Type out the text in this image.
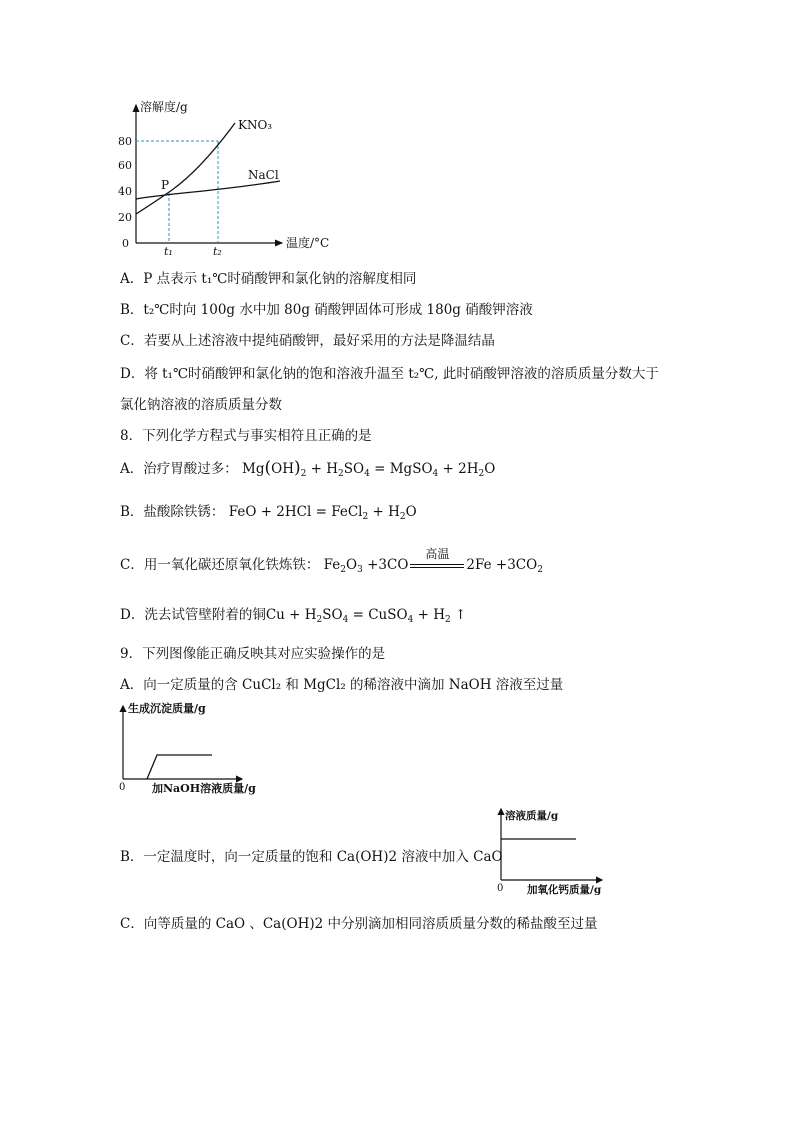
溶解度/g
温度/°C
0
20
40
60
80
P
KNO₃
NaCl
t₁	t₂
A．P 点表示 t₁℃时硝酸钾和氯化钠的溶解度相同
B．t₂℃时向 100g 水中加 80g 硝酸钾固体可形成 180g 硝酸钾溶液
C．若要从上述溶液中提纯硝酸钾，最好采用的方法是降温结晶
D．将 t₁℃时硝酸钾和氯化钠的饱和溶液升温至 t₂℃, 此时硝酸钾溶液的溶质质量分数大于
氯化钠溶液的溶质质量分数
8．下列化学方程式与事实相符且正确的是
A．治疗胃酸过多： $Mg(OH)_2 + H_2SO_4$ = MgSO$_4$ + $2H_2O$
B．盐酸除铁锈： FeO + 2HCl = FeCl$_2$ + $H_2O$
C．用一氧化碳还原氧化铁炼铁： $Fe_2O_3 +3CO$
高温
$2Fe +3CO_2$
D．洗去试管壁附着的铜$Cu + H_2SO_4$ = CuSO$_4$ + $H_2$ ↑
9．下列图像能正确反映其对应实验操作的是
A．向一定质量的含 CuCl₂ 和 MgCl₂ 的稀溶液中滴加 NaOH 溶液至过量
生成沉淀质量/g
加NaOH溶液质量/g
0
B．一定温度时，向一定质量的饱和 Ca(OH)2 溶液中加入 CaO
溶液质量/g
加氧化钙质量/g
0
C．向等质量的 CaO 、Ca(OH)2 中分别滴加相同溶质质量分数的稀盐酸至过量
